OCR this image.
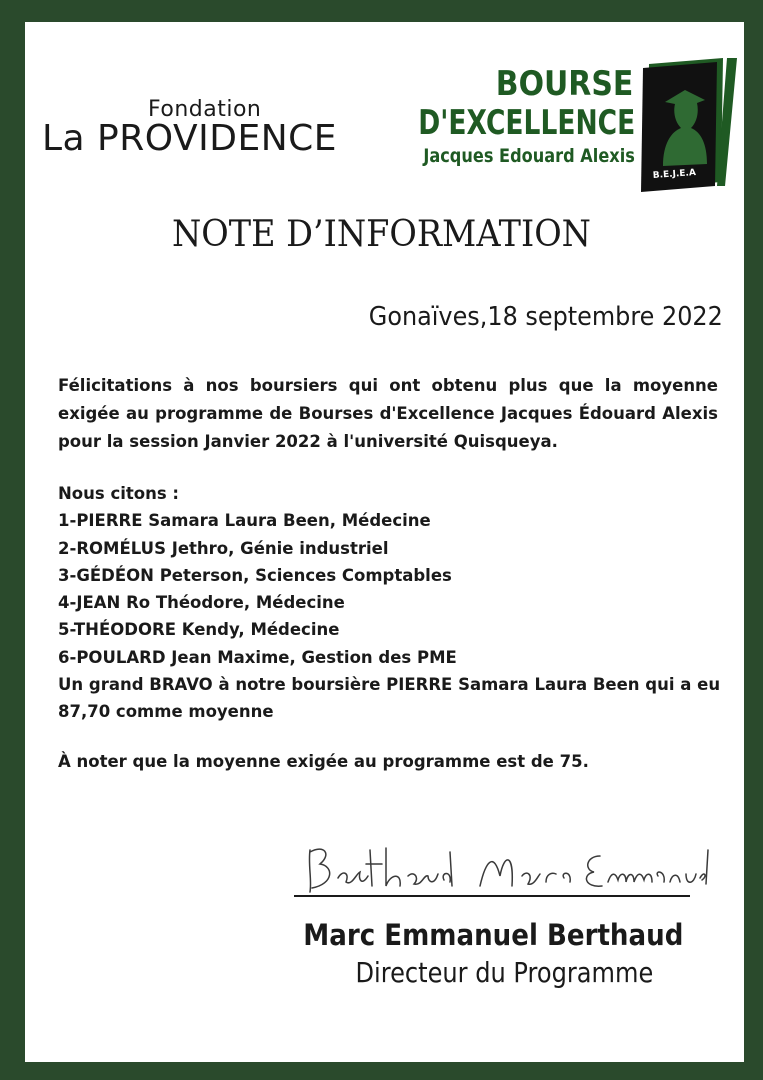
Fondation
La PROVIDENCE
BOURSE
D'EXCELLENCE
Jacques Edouard Alexis
B.E.J.E.A
NOTE D’INFORMATION
Gonaïves,18 septembre 2022
Félicitations à nos boursiers qui ont obtenu plus que la moyenne exigée au programme de Bourses d'Excellence Jacques Édouard Alexis pour la session Janvier 2022 à l'université Quisqueya.
Nous citons :
1-PIERRE Samara Laura Been, Médecine
2-ROMÉLUS Jethro, Génie industriel
3-GÉDÉON Peterson, Sciences Comptables
4-JEAN Ro Théodore, Médecine
5-THÉODORE Kendy, Médecine
6-POULARD Jean Maxime, Gestion des PME
Un grand BRAVO à notre boursière PIERRE Samara Laura Been qui a eu 87,70 comme moyenne
À noter que la moyenne exigée au programme est de 75.
Marc Emmanuel Berthaud
Directeur du Programme
